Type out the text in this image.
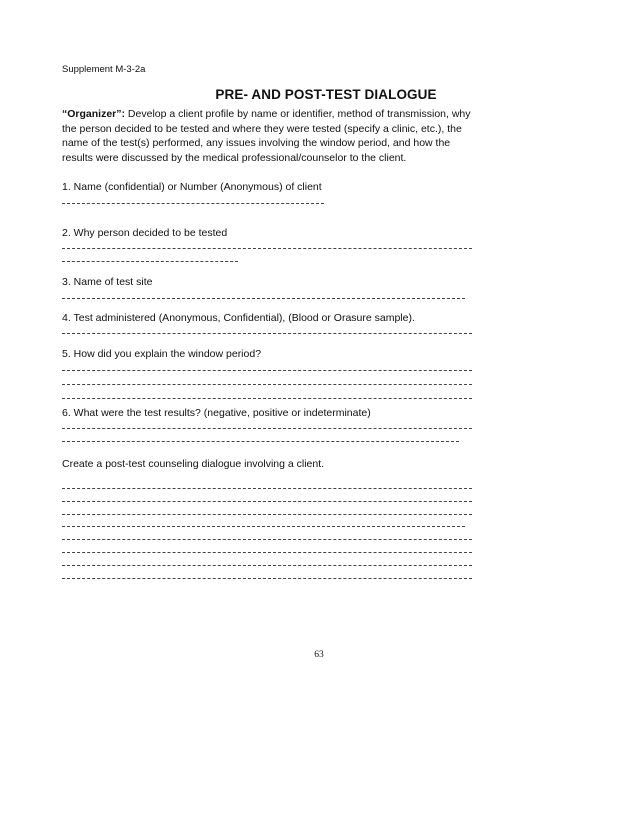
Supplement M-3-2a
PRE- AND POST-TEST DIALOGUE
“Organizer”: Develop a client profile by name or identifier, method of transmission, why the person decided to be tested and where they were tested (specify a clinic, etc.), the name of the test(s) performed, any issues involving the window period, and how the results were discussed by the medical professional/counselor to the client.
1. Name (confidential) or Number (Anonymous) of client
2. Why person decided to be tested
3. Name of test site
4. Test administered (Anonymous, Confidential), (Blood or Orasure sample).
5. How did you explain the window period?
6. What were the test results? (negative, positive or indeterminate)
Create a post-test counseling dialogue involving a client.
63
